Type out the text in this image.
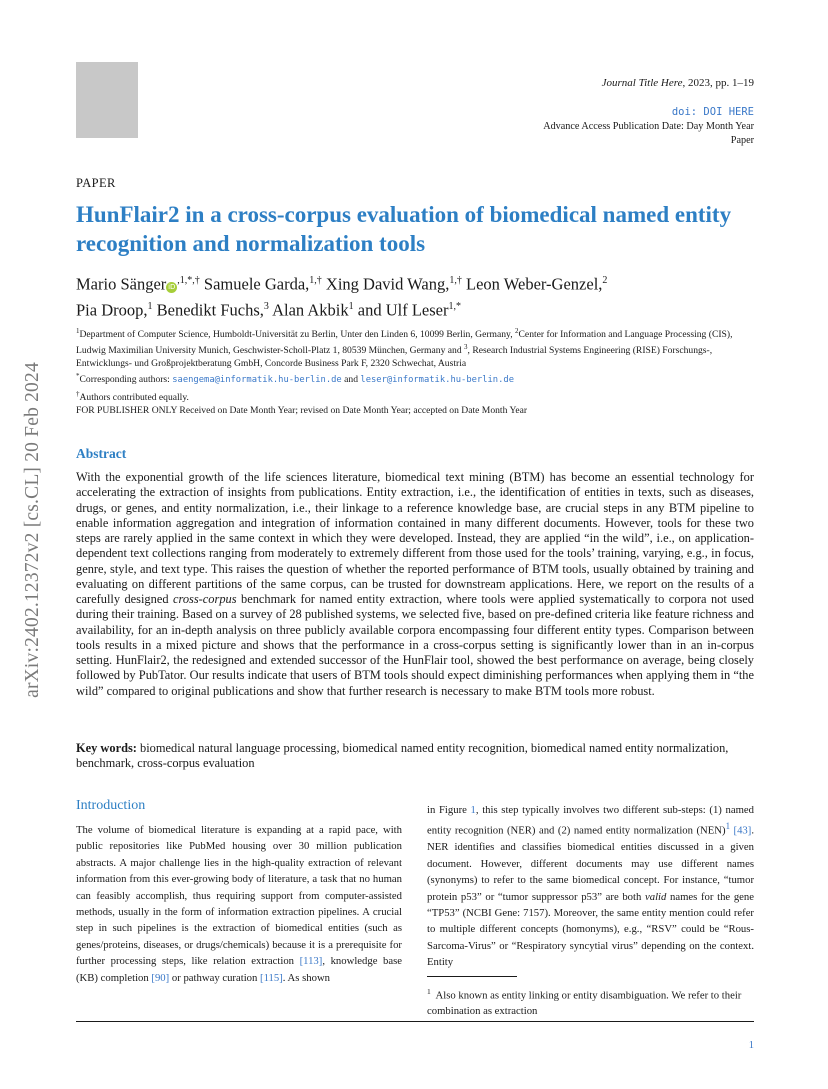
arXiv:2402.12372v2 [cs.CL] 20 Feb 2024
Journal Title Here, 2023, pp. 1–19
doi: DOI HERE
Advance Access Publication Date: Day Month Year
Paper
PAPER
HunFlair2 in a cross-corpus evaluation of biomedical named entity recognition and normalization tools
Mario Sänger $iD^{,1,*,\dagger}$ Samuele Garda,$^{1,\dagger}$ Xing David Wang,$^{1,\dagger}$ Leon Weber-Genzel,$^2$
Pia Droop,$^1$ Benedikt Fuchs,$^3$ Alan Akbik$^1$ and Ulf Leser$^{1,*}$
$^1$Department of Computer Science, Humboldt-Universität zu Berlin, Unter den Linden 6, 10099 Berlin, Germany, $^2$Center for Information and Language Processing (CIS), Ludwig Maximilian University Munich, Geschwister-Scholl-Platz 1, 80539 München, Germany and $^3$, Research Industrial Systems Engineering (RISE) Forschungs-, Entwicklungs- und Großprojektberatung GmbH, Concorde Business Park F, 2320 Schwechat, Austria
*Corresponding authors: saengema@informatik.hu-berlin.de and leser@informatik.hu-berlin.de
†Authors contributed equally.
FOR PUBLISHER ONLY Received on Date Month Year; revised on Date Month Year; accepted on Date Month Year
Abstract
With the exponential growth of the life sciences literature, biomedical text mining (BTM) has become an essential technology for accelerating the extraction of insights from publications. Entity extraction, i.e., the identification of entities in texts, such as diseases, drugs, or genes, and entity normalization, i.e., their linkage to a reference knowledge base, are crucial steps in any BTM pipeline to enable information aggregation and integration of information contained in many different documents. However, tools for these two steps are rarely applied in the same context in which they were developed. Instead, they are applied “in the wild”, i.e., on application-dependent text collections ranging from moderately to extremely different from those used for the tools’ training, varying, e.g., in focus, genre, style, and text type. This raises the question of whether the reported performance of BTM tools, usually obtained by training and evaluating on different partitions of the same corpus, can be trusted for downstream applications. Here, we report on the results of a carefully designed cross-corpus benchmark for named entity extraction, where tools were applied systematically to corpora not used during their training. Based on a survey of 28 published systems, we selected five, based on pre-defined criteria like feature richness and availability, for an in-depth analysis on three publicly available corpora encompassing four different entity types. Comparison between tools results in a mixed picture and shows that the performance in a cross-corpus setting is significantly lower than in an in-corpus setting. HunFlair2, the redesigned and extended successor of the HunFlair tool, showed the best performance on average, being closely followed by PubTator. Our results indicate that users of BTM tools should expect diminishing performances when applying them in “the wild” compared to original publications and show that further research is necessary to make BTM tools more robust.
Key words: biomedical natural language processing, biomedical named entity recognition, biomedical named entity normalization, benchmark, cross-corpus evaluation
Introduction
The volume of biomedical literature is expanding at a rapid pace, with public repositories like PubMed housing over 30 million publication abstracts. A major challenge lies in the high-quality extraction of relevant information from this ever-growing body of literature, a task that no human can feasibly accomplish, thus requiring support from computer-assisted methods, usually in the form of information extraction pipelines. A crucial step in such pipelines is the extraction of biomedical entities (such as genes/proteins, diseases, or drugs/chemicals) because it is a prerequisite for further processing steps, like relation extraction [113], knowledge base (KB) completion [90] or pathway curation [115]. As shown
in Figure 1, this step typically involves two different sub-steps: (1) named entity recognition (NER) and (2) named entity normalization (NEN)$^1$ [43]. NER identifies and classifies biomedical entities discussed in a given document. However, different documents may use different names (synonyms) to refer to the same biomedical concept. For instance, “tumor protein p53” or “tumor suppressor p53” are both valid names for the gene “TP53” (NCBI Gene: 7157). Moreover, the same entity mention could refer to multiple different concepts (homonyms), e.g., “RSV” could be “Rous-Sarcoma-Virus” or “Respiratory syncytial virus” depending on the context. Entity
$^1$ Also known as entity linking or entity disambiguation. We refer to their combination as extraction
1
